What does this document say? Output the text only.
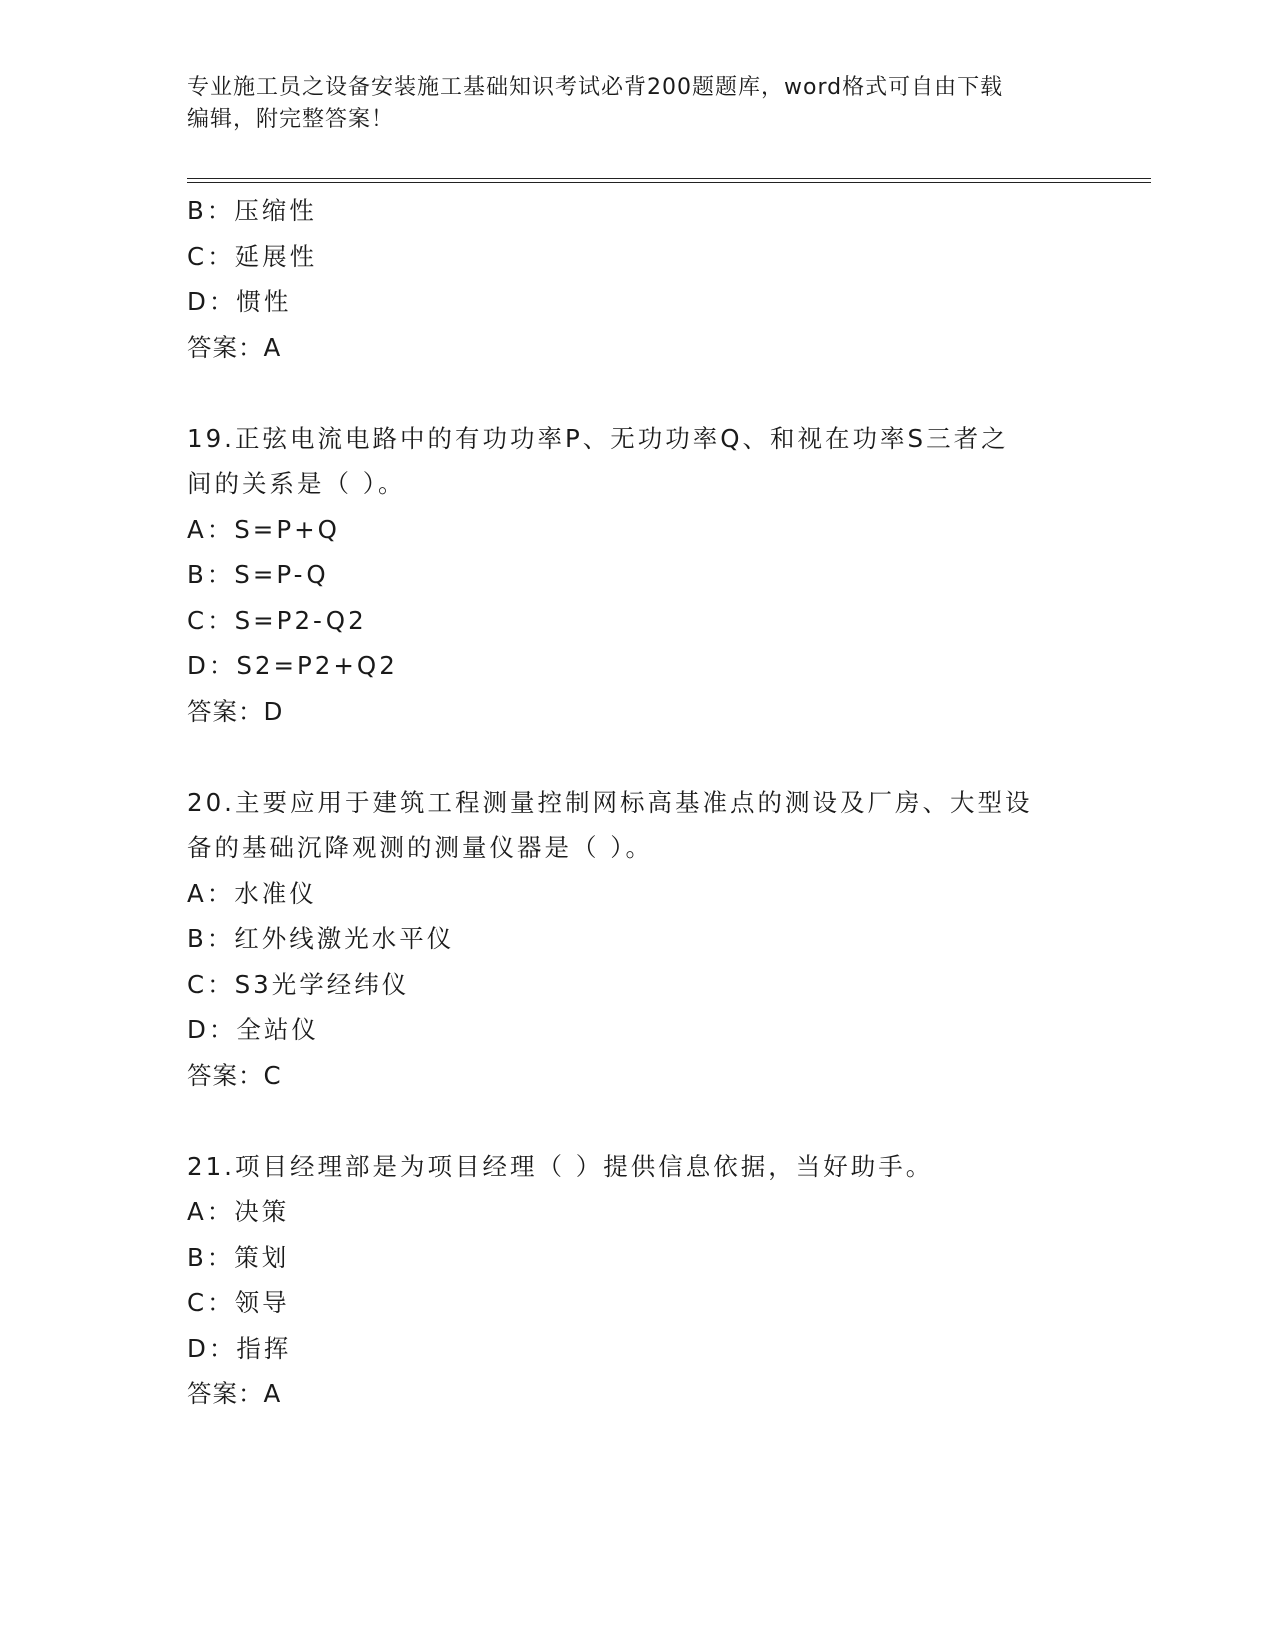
专业施工员之设备安装施工基础知识考试必背200题题库，word格式可自由下载
编辑，附完整答案！
B：压缩性
C：延展性
D：惯性
答案：A
19.正弦电流电路中的有功功率P、无功功率Q、和视在功率S三者之
间的关系是（ ）。
A：S=P+Q
B：S=P-Q
C：S=P2-Q2
D：S2=P2+Q2
答案：D
20.主要应用于建筑工程测量控制网标高基准点的测设及厂房、大型设
备的基础沉降观测的测量仪器是（ ）。
A：水准仪
B：红外线激光水平仪
C：S3光学经纬仪
D：全站仪
答案：C
21.项目经理部是为项目经理（ ）提供信息依据，当好助手。
A：决策
B：策划
C：领导
D：指挥
答案：A
